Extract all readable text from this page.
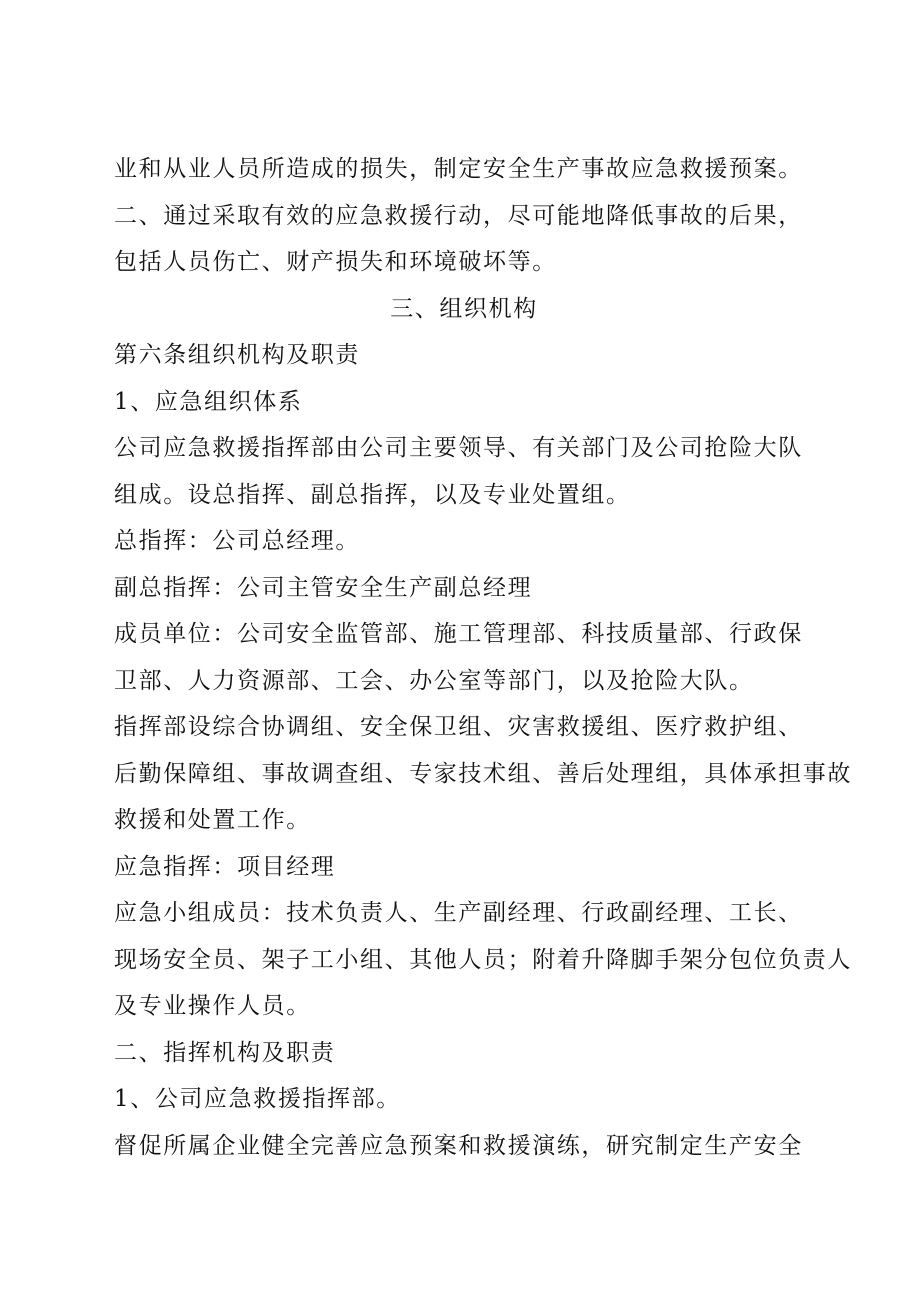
业和从业人员所造成的损失，制定安全生产事故应急救援预案。

二、通过采取有效的应急救援行动，尽可能地降低事故的后果，

包括人员伤亡、财产损失和环境破坏等。

三、组织机构

第六条组织机构及职责

1、应急组织体系

公司应急救援指挥部由公司主要领导、有关部门及公司抢险大队

组成。设总指挥、副总指挥，以及专业处置组。

总指挥：公司总经理。

副总指挥：公司主管安全生产副总经理

成员单位：公司安全监管部、施工管理部、科技质量部、行政保

卫部、人力资源部、工会、办公室等部门，以及抢险大队。

指挥部设综合协调组、安全保卫组、灾害救援组、医疗救护组、

后勤保障组、事故调查组、专家技术组、善后处理组，具体承担事故

救援和处置工作。

应急指挥：项目经理

应急小组成员：技术负责人、生产副经理、行政副经理、工长、

现场安全员、架子工小组、其他人员；附着升降脚手架分包位负责人

及专业操作人员。

二、指挥机构及职责

1、公司应急救援指挥部。

督促所属企业健全完善应急预案和救援演练，研究制定生产安全
